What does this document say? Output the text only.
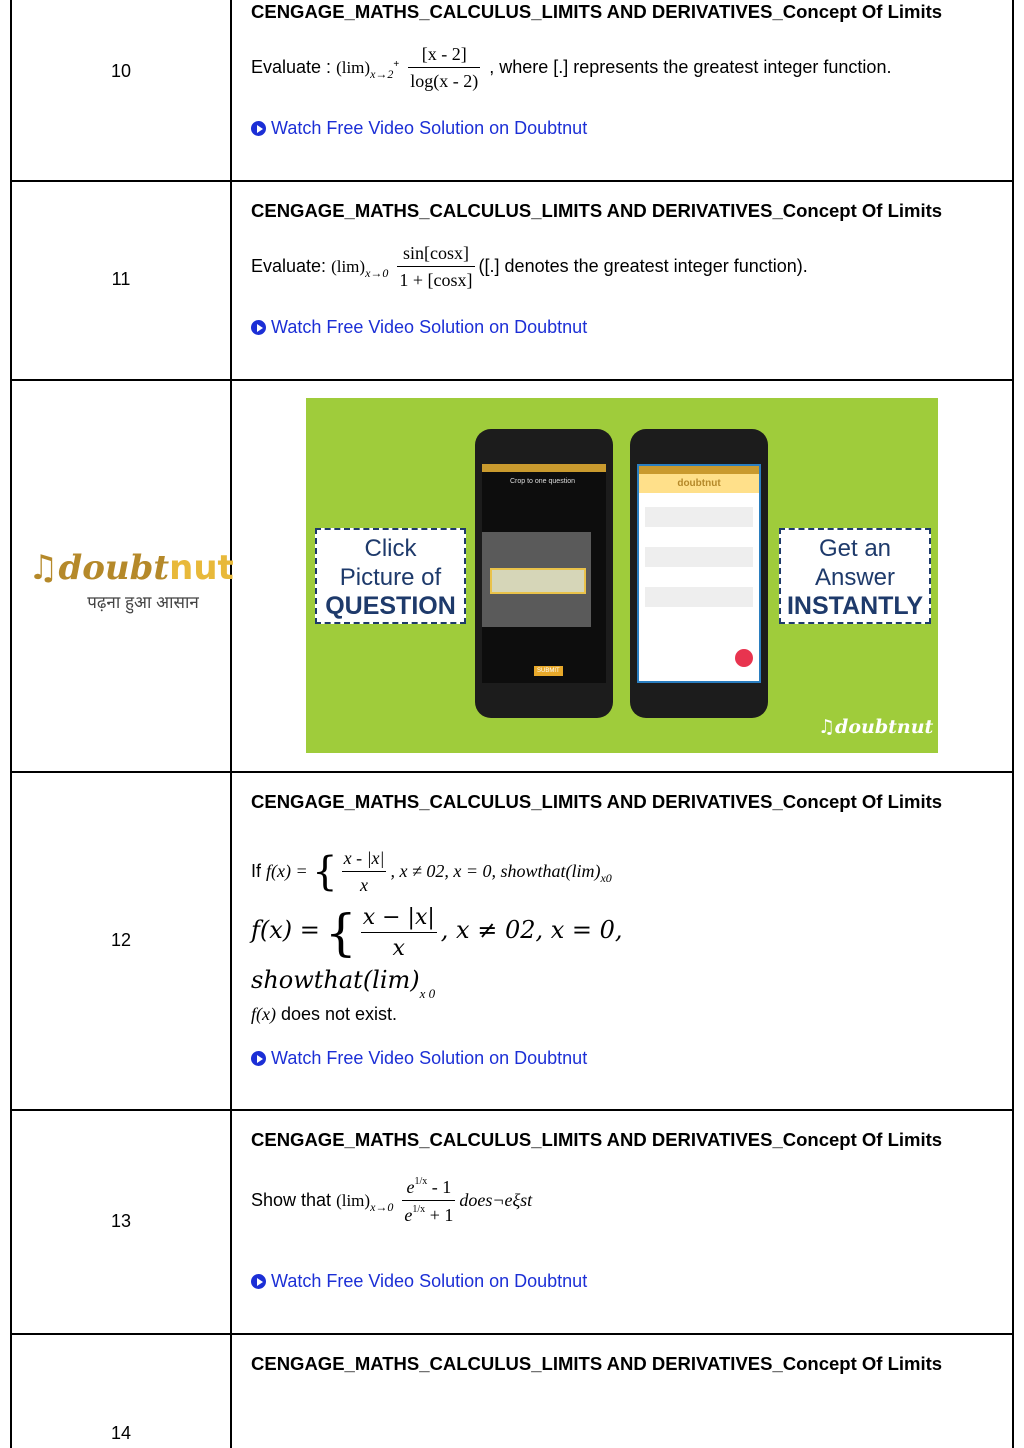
10
CENGAGE_MATHS_CALCULUS_LIMITS AND DERIVATIVES_Concept Of Limits
Evaluate : $(\lim)_{x\to 2}^+ \frac{[x - 2]}{\log(x - 2)}$ , where [.] represents the greatest integer function.
Watch Free Video Solution on Doubtnut
11
CENGAGE_MATHS_CALCULUS_LIMITS AND DERIVATIVES_Concept Of Limits
Evaluate: $(\lim)_{x\to 0} \frac{\sin[\cos x]}{1 + [\cos x]}$ ([.] denotes the greatest integer function).
Watch Free Video Solution on Doubtnut
♫doubtnut
पढ़ना हुआ आसान
Click
Picture of
QUESTION
Get an
Answer
INSTANTLY
Crop to one question
SUBMIT
doubtnut
♫doubtnut
12
CENGAGE_MATHS_CALCULUS_LIMITS AND DERIVATIVES_Concept Of Limits
If f(x) = { $\frac{x - |x|}{x}$ , x ≠ 02, x = 0, $showthat(\lim)_{x0}$
f(x) = { $\frac{x - |x|}{x}$ , x ≠ 02, x = 0,
$showthat(\lim)_{x 0}$
f(x) does not exist.
Watch Free Video Solution on Doubtnut
13
CENGAGE_MATHS_CALCULUS_LIMITS AND DERIVATIVES_Concept Of Limits
Show that $(\lim)_{x\to 0} \frac{e^{1/x} - 1}{e^{1/x} + 1}$ does¬eξst
Watch Free Video Solution on Doubtnut
14
CENGAGE_MATHS_CALCULUS_LIMITS AND DERIVATIVES_Concept Of Limits
